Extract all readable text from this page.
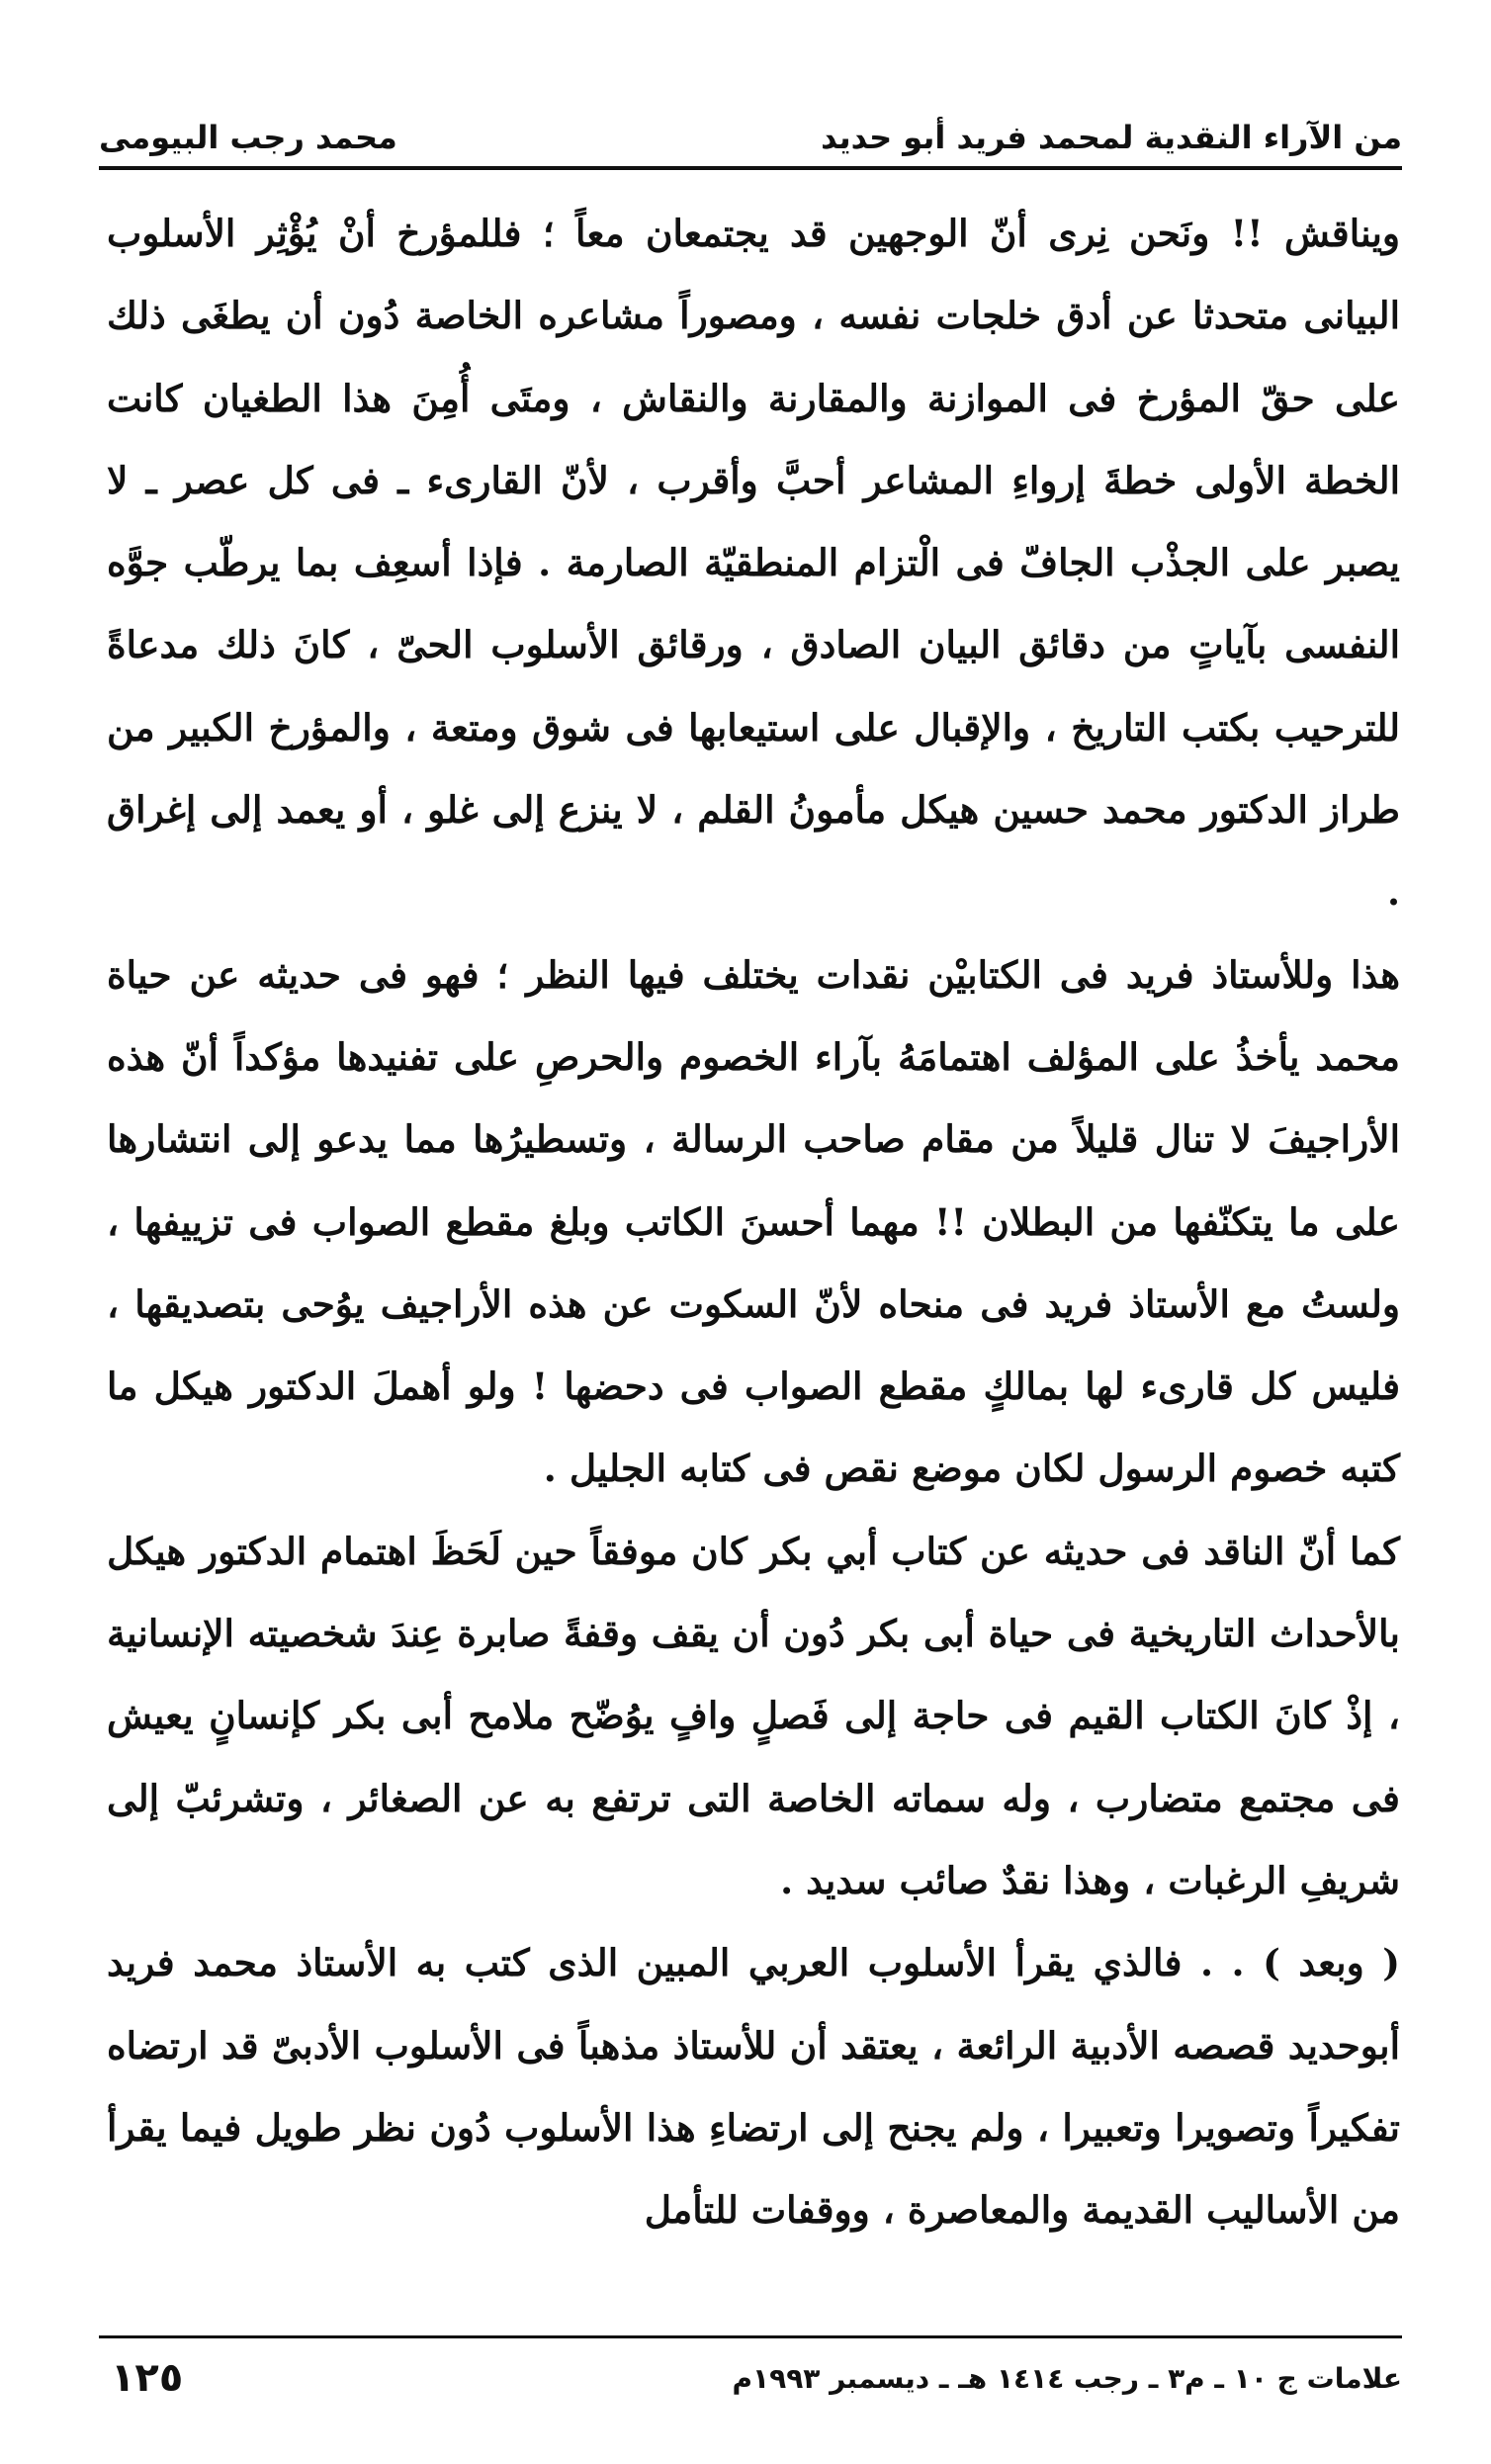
من الآراء النقدية لمحمد فريد أبو حديد
محمد رجب البيومى

ويناقش !! ونَحن نِرى أنّ الوجهين قد يجتمعان معاً ؛ فللمؤرخ أنْ يُؤْثِر الأسلوب البيانى متحدثا عن أدق خلجات نفسه ، ومصوراً مشاعره الخاصة دُون أن يطغَى ذلك على حقّ المؤرخ فى الموازنة والمقارنة والنقاش ، ومتَى أُمِنَ هذا الطغيان كانت الخطة الأولى خطةَ إرواءِ المشاعر أحبَّ وأقرب ، لأنّ القارىء ـ فى كل عصر ـ لا يصبر على الجذْب الجافّ فى الْتزام المنطقيّة الصارمة . فإذا أسعِف بما يرطّب جوَّه النفسى بآياتٍ من دقائق البيان الصادق ، ورقائق الأسلوب الحىّ ، كانَ ذلك مدعاةً للترحيب بكتب التاريخ ، والإقبال على استيعابها فى شوق ومتعة ، والمؤرخ الكبير من طراز الدكتور محمد حسين هيكل مأمونُ القلم ، لا ينزع إلى غلو ، أو يعمد إلى إغراق .

هذا وللأستاذ فريد فى الكتابيْن نقدات يختلف فيها النظر ؛ فهو فى حديثه عن حياة محمد يأخذُ على المؤلف اهتمامَهُ بآراء الخصوم والحرصِ على تفنيدها مؤكداً أنّ هذه الأراجيفَ لا تنال قليلاً من مقام صاحب الرسالة ، وتسطيرُها مما يدعو إلى انتشارها على ما يتكنّفها من البطلان !! مهما أحسنَ الكاتب وبلغ مقطع الصواب فى تزييفها ، ولستُ مع الأستاذ فريد فى منحاه لأنّ السكوت عن هذه الأراجيف يوُحى بتصديقها ، فليس كل قارىء لها بمالكٍ مقطع الصواب فى دحضها ! ولو أهملَ الدكتور هيكل ما كتبه خصوم الرسول لكان موضع نقص فى كتابه الجليل .

كما أنّ الناقد فى حديثه عن كتاب أبي بكر كان موفقاً حين لَحَظَ اهتمام الدكتور هيكل بالأحداث التاريخية فى حياة أبى بكر دُون أن يقف وقفةً صابرة عِندَ شخصيته الإنسانية ، إذْ كانَ الكتاب القيم فى حاجة إلى فَصلٍ وافٍ يوُضّح ملامح أبى بكر كإنسانٍ يعيش فى مجتمع متضارب ، وله سماته الخاصة التى ترتفع به عن الصغائر ، وتشرئبّ إلى شريفِ الرغبات ، وهذا نقدٌ صائب سديد .

( وبعد ) . . فالذي يقرأ الأسلوب العربي المبين الذى كتب به الأستاذ محمد فريد أبوحديد قصصه الأدبية الرائعة ، يعتقد أن للأستاذ مذهباً فى الأسلوب الأدبىّ قد ارتضاه تفكيراً وتصويرا وتعبيرا ، ولم يجنح إلى ارتضاءِ هذا الأسلوب دُون نظر طويل فيما يقرأ من الأساليب القديمة والمعاصرة ، ووقفات للتأمل

علامات ج ١٠ ـ م٣ ـ رجب ١٤١٤ هـ ـ ديسمبر ١٩٩٣م
١٢٥
